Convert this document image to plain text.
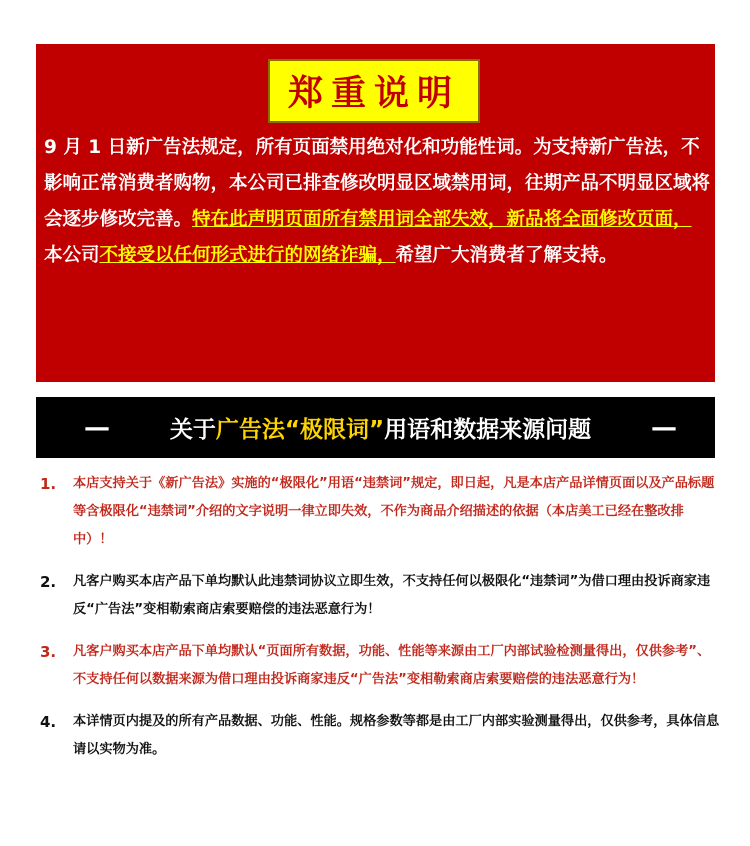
郑重说明

9 月 1 日新广告法规定，所有页面禁用绝对化和功能性词。为支持新广告法，不影响正常消费者购物，本公司已排查修改明显区域禁用词，往期产品不明显区域将会逐步修改完善。特在此声明页面所有禁用词全部失效，新品将全面修改页面，本公司不接受以任何形式进行的网络诈骗，希望广大消费者了解支持。

—	关于广告法“极限词”用语和数据来源问题 —
1. 本店支持关于《新广告法》实施的“极限化”用语“违禁词”规定，即日起，凡是本店产品详情页面以及产品标题等含极限化“违禁词”介绍的文字说明一律立即失效，不作为商品介绍描述的依据（本店美工已经在整改排中）！
2. 凡客户购买本店产品下单均默认此违禁词协议立即生效，不支持任何以极限化“违禁词”为借口理由投诉商家违反“广告法”变相勒索商店索要赔偿的违法恶意行为！
3. 凡客户购买本店产品下单均默认“页面所有数据，功能、性能等来源由工厂内部试验检测量得出，仅供参考”、不支持任何以数据来源为借口理由投诉商家违反“广告法”变相勒索商店索要赔偿的违法恶意行为！
4. 本详情页内提及的所有产品数据、功能、性能。规格参数等都是由工厂内部实验测量得出，仅供参考，具体信息请以实物为准。
